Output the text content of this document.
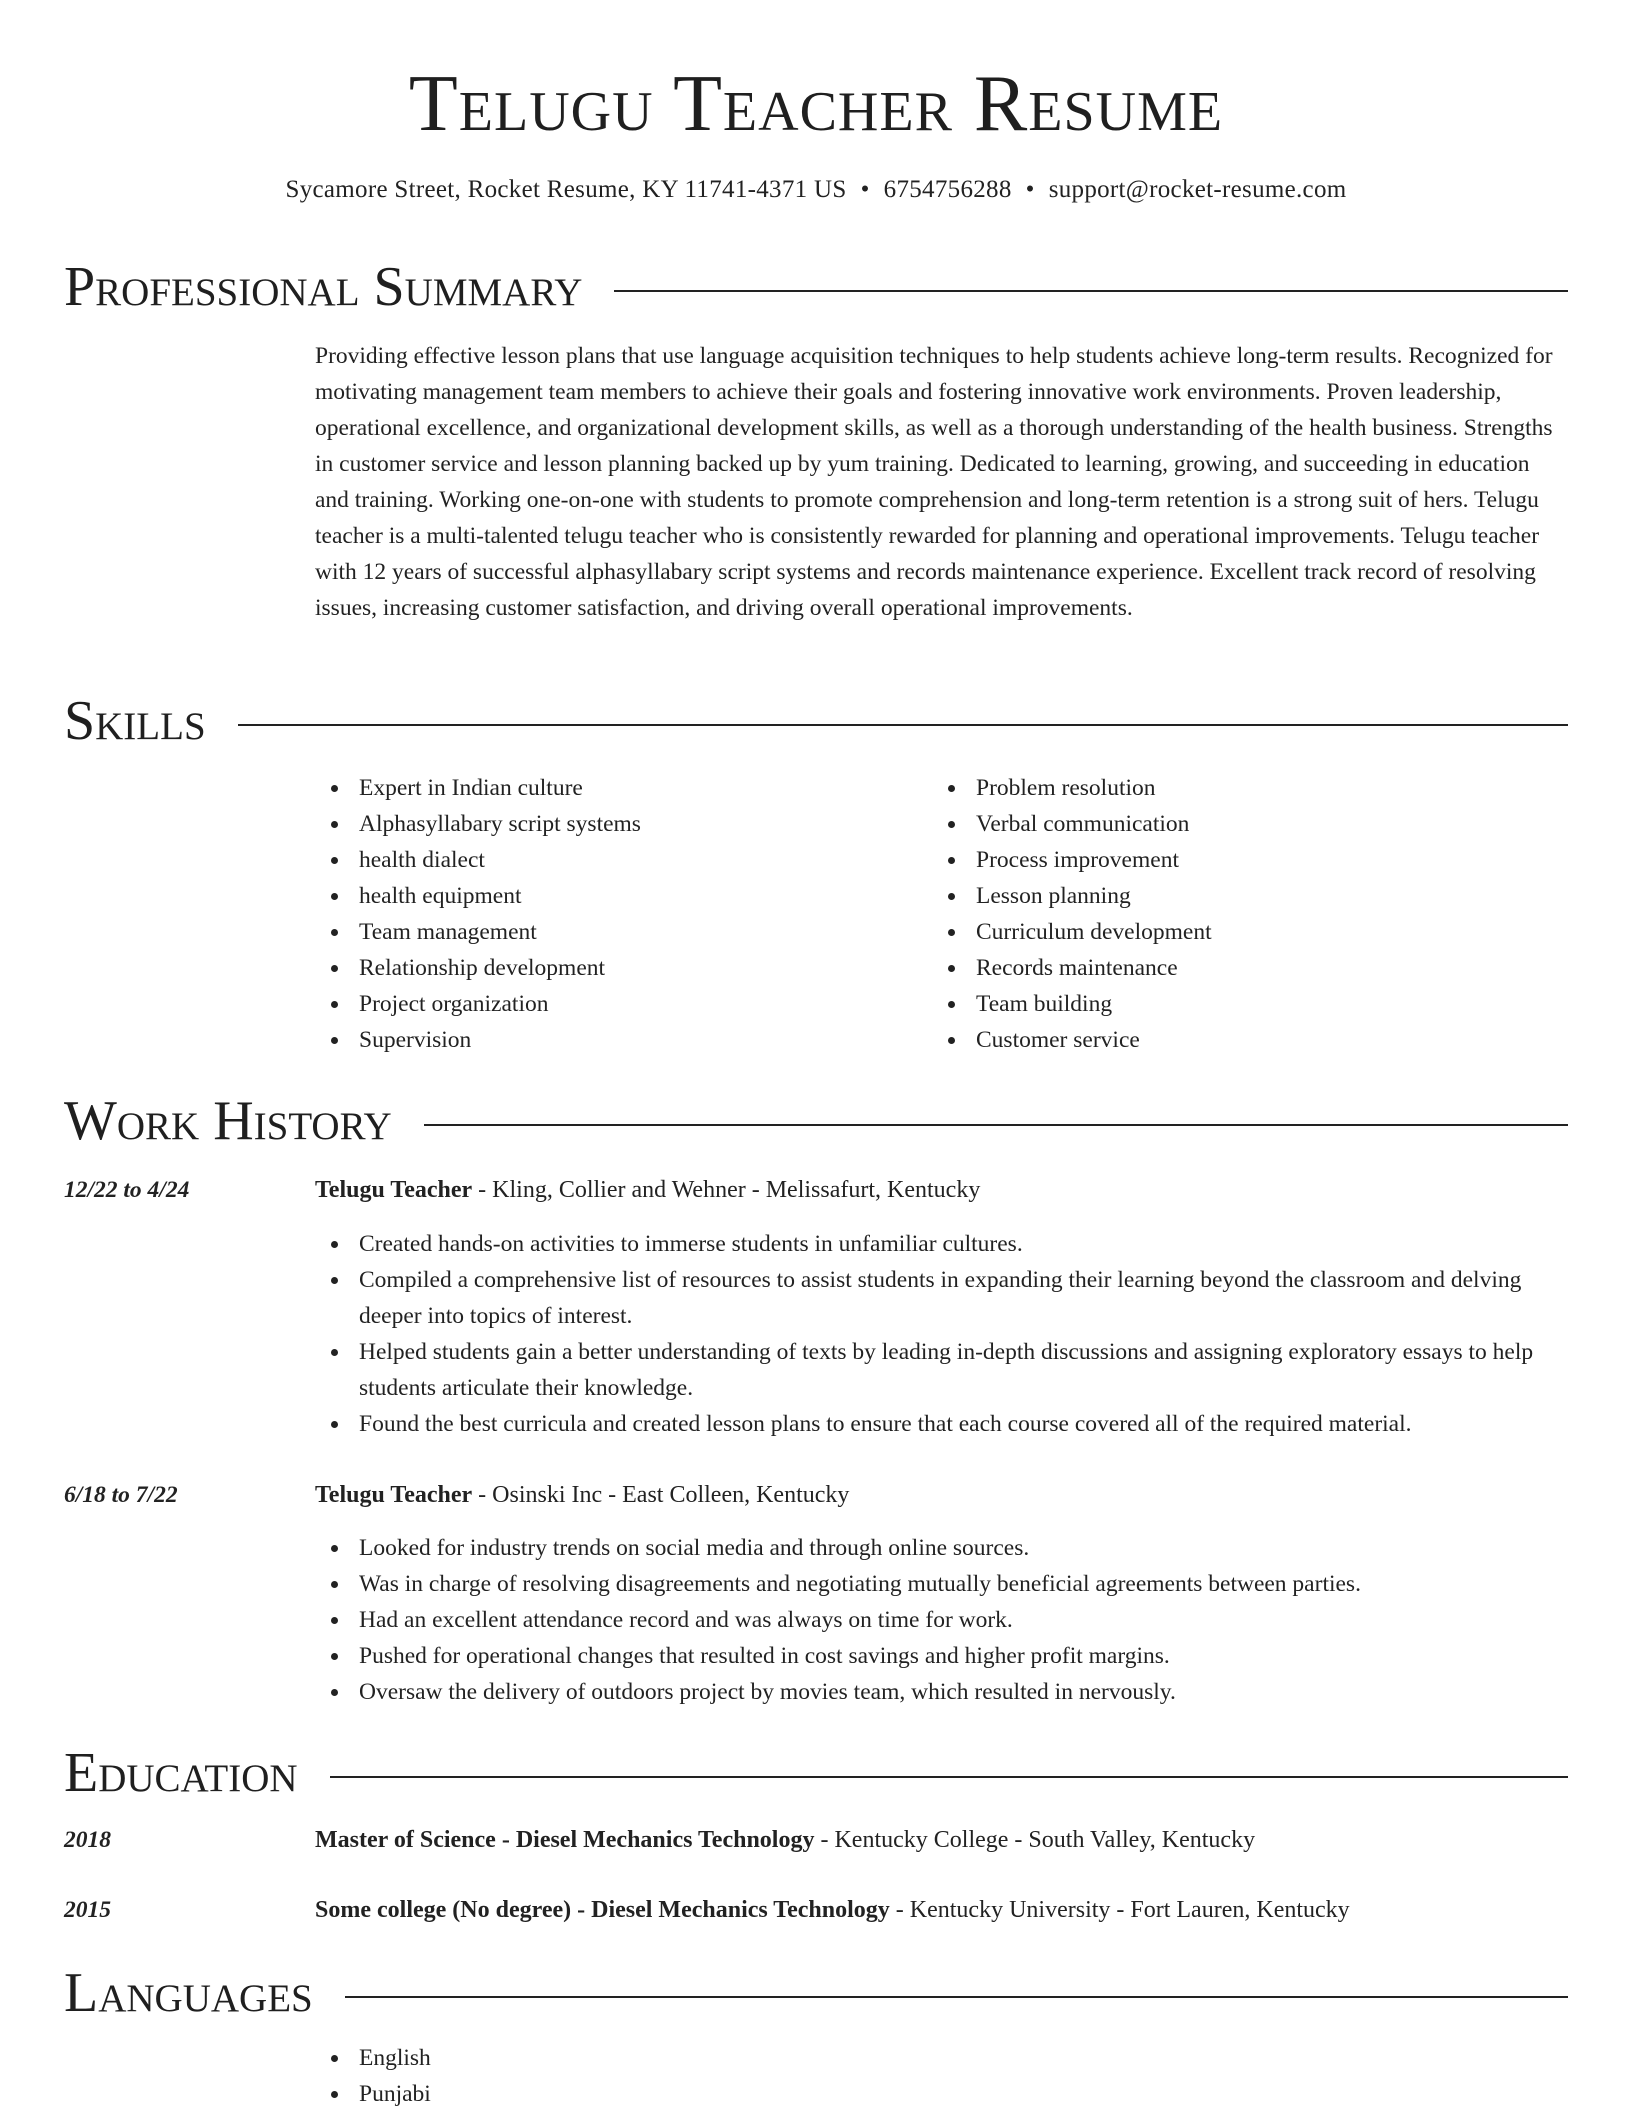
Telugu Teacher Resume
Sycamore Street, Rocket Resume, KY 11741-4371 US • 6754756288 • support@rocket-resume.com
Professional Summary

Providing effective lesson plans that use language acquisition techniques to help students achieve long-term results. Recognized for motivating management team members to achieve their goals and fostering innovative work environments. Proven leadership, operational excellence, and organizational development skills, as well as a thorough understanding of the health business. Strengths in customer service and lesson planning backed up by yum training. Dedicated to learning, growing, and succeeding in education and training. Working one-on-one with students to promote comprehension and long-term retention is a strong suit of hers. Telugu teacher is a multi-talented telugu teacher who is consistently rewarded for planning and operational improvements. Telugu teacher with 12 years of successful alphasyllabary script systems and records maintenance experience. Excellent track record of resolving issues, increasing customer satisfaction, and driving overall operational improvements.

Skills
Expert in Indian culture
Alphasyllabary script systems
health dialect
health equipment
Team management
Relationship development
Project organization
Supervision
Problem resolution
Verbal communication
Process improvement
Lesson planning
Curriculum development
Records maintenance
Team building
Customer service
Work History
12/22 to 4/24	Telugu Teacher - Kling, Collier and Wehner - Melissafurt, Kentucky
Created hands-on activities to immerse students in unfamiliar cultures.
Compiled a comprehensive list of resources to assist students in expanding their learning beyond the classroom and delving deeper into topics of interest.
Helped students gain a better understanding of texts by leading in-depth discussions and assigning exploratory essays to help students articulate their knowledge.
Found the best curricula and created lesson plans to ensure that each course covered all of the required material.
6/18 to 7/22	Telugu Teacher - Osinski Inc - East Colleen, Kentucky
Looked for industry trends on social media and through online sources.
Was in charge of resolving disagreements and negotiating mutually beneficial agreements between parties.
Had an excellent attendance record and was always on time for work.
Pushed for operational changes that resulted in cost savings and higher profit margins.
Oversaw the delivery of outdoors project by movies team, which resulted in nervously.
Education
2018	Master of Science - Diesel Mechanics Technology - Kentucky College - South Valley, Kentucky
2015	Some college (No degree) - Diesel Mechanics Technology - Kentucky University - Fort Lauren, Kentucky
Languages
English
Punjabi
